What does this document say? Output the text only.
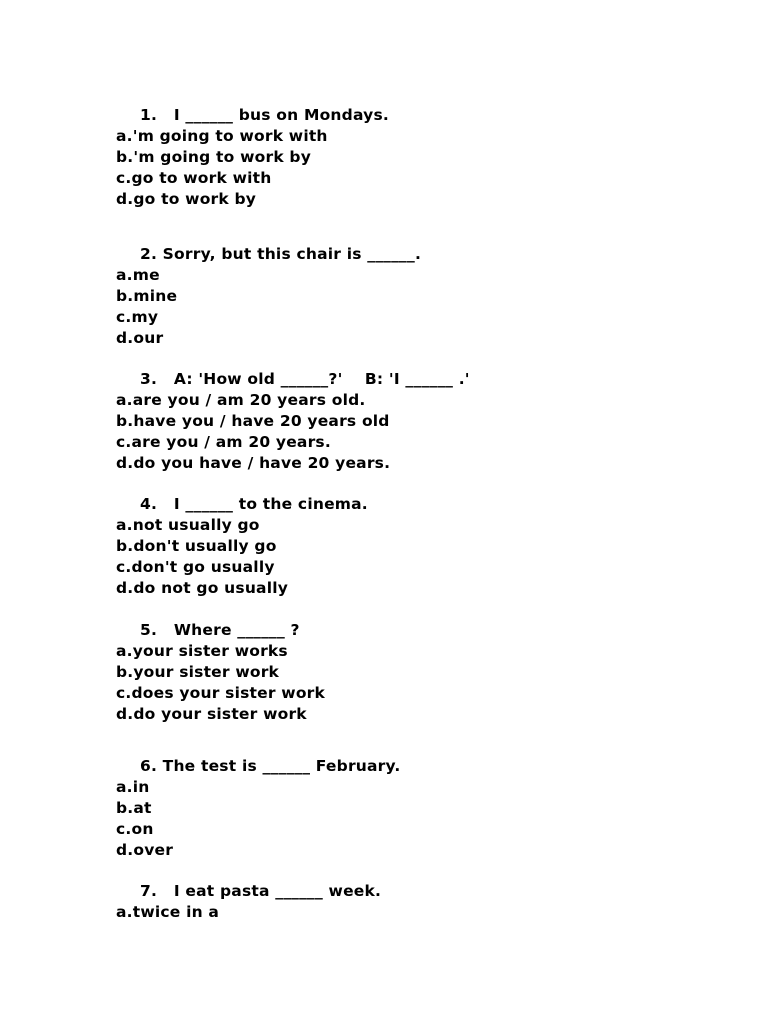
1.   I ______ bus on Mondays.
a.'m going to work with
b.'m going to work by
c.go to work with
d.go to work by
2. Sorry, but this chair is ______.
a.me
b.mine
c.my
d.our
3.   A: 'How old ______?'    B: 'I ______ .'
a.are you / am 20 years old.
b.have you / have 20 years old
c.are you / am 20 years.
d.do you have / have 20 years.
4.   I ______ to the cinema.
a.not usually go
b.don't usually go
c.don't go usually
d.do not go usually
5.   Where ______ ?
a.your sister works
b.your sister work
c.does your sister work
d.do your sister work
6. The test is ______ February.
a.in
b.at
c.on
d.over
7.   I eat pasta ______ week.
a.twice in a
